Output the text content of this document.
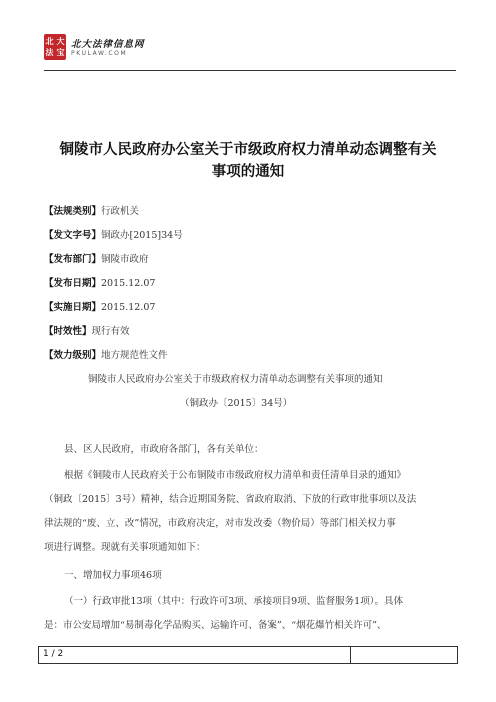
北 大
法 宝
北大法律信息网
PKULAW.COM
铜陵市人民政府办公室关于市级政府权力清单动态调整有关
事项的通知
【法规类别】行政机关
【发文字号】铜政办[2015]34号
【发布部门】铜陵市政府
【发布日期】2015.12.07
【实施日期】2015.12.07
【时效性】现行有效
【效力级别】地方规范性文件
铜陵市人民政府办公室关于市级政府权力清单动态调整有关事项的通知
（铜政办〔2015〕34号）
县、区人民政府，市政府各部门，各有关单位：
根据《铜陵市人民政府关于公布铜陵市市级政府权力清单和责任清单目录的通知》
（铜政〔2015〕3号）精神，结合近期国务院、省政府取消、下放的行政审批事项以及法
律法规的“废、立、改”情况，市政府决定，对市发改委（物价局）等部门相关权力事
项进行调整。现就有关事项通知如下：
一、增加权力事项46项
（一）行政审批13项（其中：行政许可3项、承接项目9项、监督服务1项）。具体
是：市公安局增加“易制毒化学品购买、运输许可、备案”、“烟花爆竹相关许可”、
1 / 2
